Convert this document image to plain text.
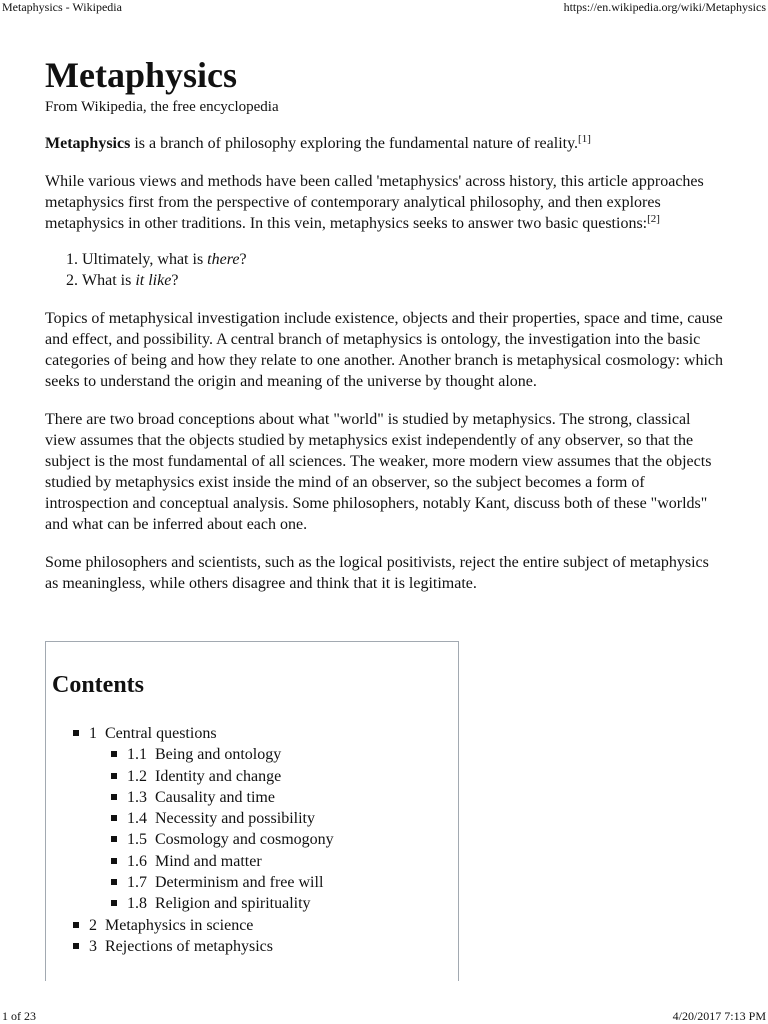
Metaphysics - Wikipedia	https://en.wikipedia.org/wiki/Metaphysics
1 of 23	4/20/2017 7:13 PM
Metaphysics
From Wikipedia, the free encyclopedia

Metaphysics is a branch of philosophy exploring the fundamental nature of reality.[1]

While various views and methods have been called 'metaphysics' across history, this article approaches metaphysics first from the perspective of contemporary analytical philosophy, and then explores metaphysics in other traditions. In this vein, metaphysics seeks to answer two basic questions:[2]

1. Ultimately, what is there?
2. What is it like?

Topics of metaphysical investigation include existence, objects and their properties, space and time, cause and effect, and possibility. A central branch of metaphysics is ontology, the investigation into the basic categories of being and how they relate to one another. Another branch is metaphysical cosmology: which seeks to understand the origin and meaning of the universe by thought alone.

There are two broad conceptions about what "world" is studied by metaphysics. The strong, classical view assumes that the objects studied by metaphysics exist independently of any observer, so that the subject is the most fundamental of all sciences. The weaker, more modern view assumes that the objects studied by metaphysics exist inside the mind of an observer, so the subject becomes a form of introspection and conceptual analysis. Some philosophers, notably Kant, discuss both of these "worlds" and what can be inferred about each one.

Some philosophers and scientists, such as the logical positivists, reject the entire subject of metaphysics as meaningless, while others disagree and think that it is legitimate.

Contents
1 Central questions
1.1 Being and ontology
1.2 Identity and change
1.3 Causality and time
1.4 Necessity and possibility
1.5 Cosmology and cosmogony
1.6 Mind and matter
1.7 Determinism and free will
1.8 Religion and spirituality
2 Metaphysics in science
3 Rejections of metaphysics
